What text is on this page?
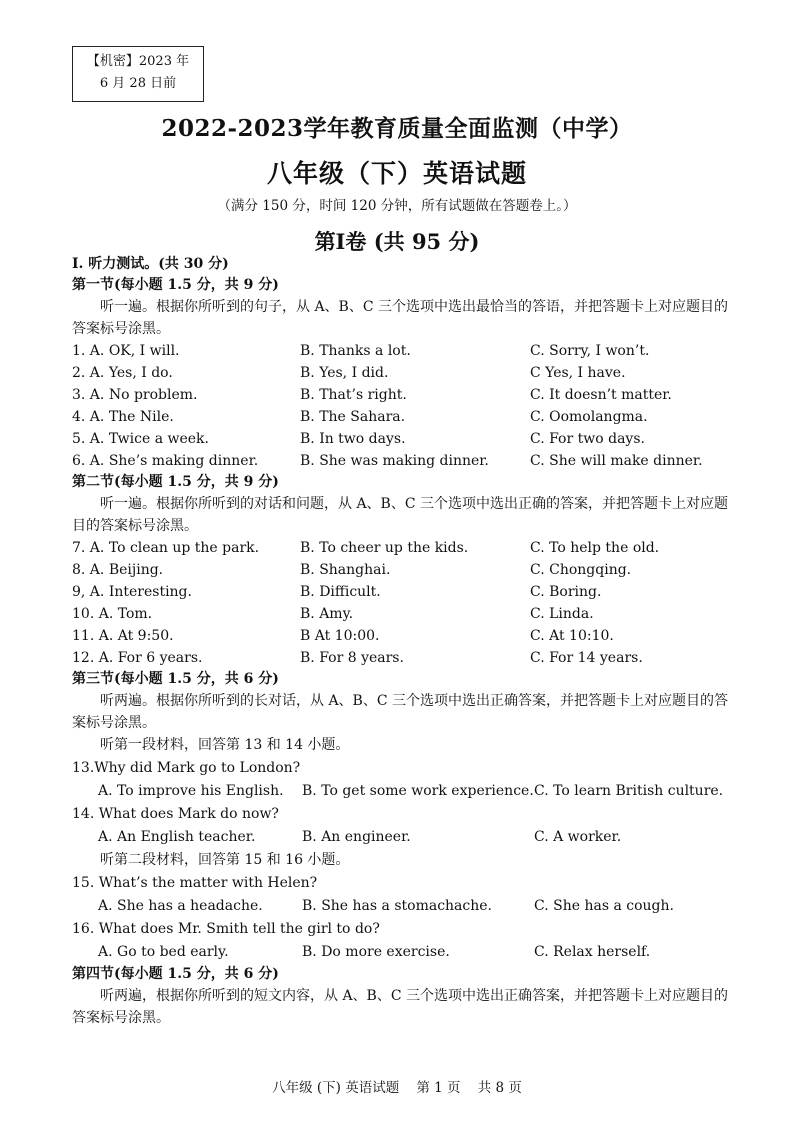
【机密】2023 年
6 月 28 日前
2022-2023学年教育质量全面监测（中学）
八年级（下）英语试题
（满分 150 分，时间 120 分钟，所有试题做在答题卷上。）
第Ⅰ卷 (共 95 分)
I. 听力测试。(共 30 分)
第一节(每小题 1.5 分，共 9 分)
听一遍。根据你所听到的句子，从 A、B、C 三个选项中选出最恰当的答语，并把答题卡上对应题目的答案标号涂黑。
1. A. OK, I will.	B. Thanks a lot.	C. Sorry, I won’t.
2. A. Yes, I do.	B. Yes, I did.	C Yes, I have.
3. A. No problem.	B. That’s right.	C. It doesn’t matter.
4. A. The Nile.	B. The Sahara.	C. Oomolangma.
5. A. Twice a week.	B. In two days.	C. For two days.
6. A. She’s making dinner.	B. She was making dinner.	C. She will make dinner.
第二节(每小题 1.5 分，共 9 分)
听一遍。根据你所听到的对话和问题，从 A、B、C 三个选项中选出正确的答案，并把答题卡上对应题目的答案标号涂黑。
7. A. To clean up the park.	B. To cheer up the kids.	C. To help the old.
8. A. Beijing.	B. Shanghai.	C. Chongqing.
9, A. Interesting.	B. Difficult.	C. Boring.
10. A. Tom.	B. Amy.	C. Linda.
11. A. At 9:50.	B At 10:00.	C. At 10:10.
12. A. For 6 years.	B. For 8 years.	C. For 14 years.
第三节(每小题 1.5 分，共 6 分)
听两遍。根据你所听到的长对话，从 A、B、C 三个选项中选出正确答案，并把答题卡上对应题目的答案标号涂黑。
听第一段材料，回答第 13 和 14 小题。
13.Why did Mark go to London?
A. To improve his English. B. To get some work experience. C. To learn British culture.
14. What does Mark do now?
A. An English teacher.	B. An engineer.	C. A worker.
听第二段材料，回答第 15 和 16 小题。
15. What’s the matter with Helen?
A. She has a headache.	B. She has a stomachache.	C. She has a cough.
16. What does Mr. Smith tell the girl to do?
A. Go to bed early.	B. Do more exercise.	C. Relax herself.
第四节(每小题 1.5 分，共 6 分)
听两遍，根据你所听到的短文内容，从 A、B、C 三个选项中选出正确答案，并把答题卡上对应题目的答案标号涂黑。
八年级 (下) 英语试题    第 1 页    共 8 页
